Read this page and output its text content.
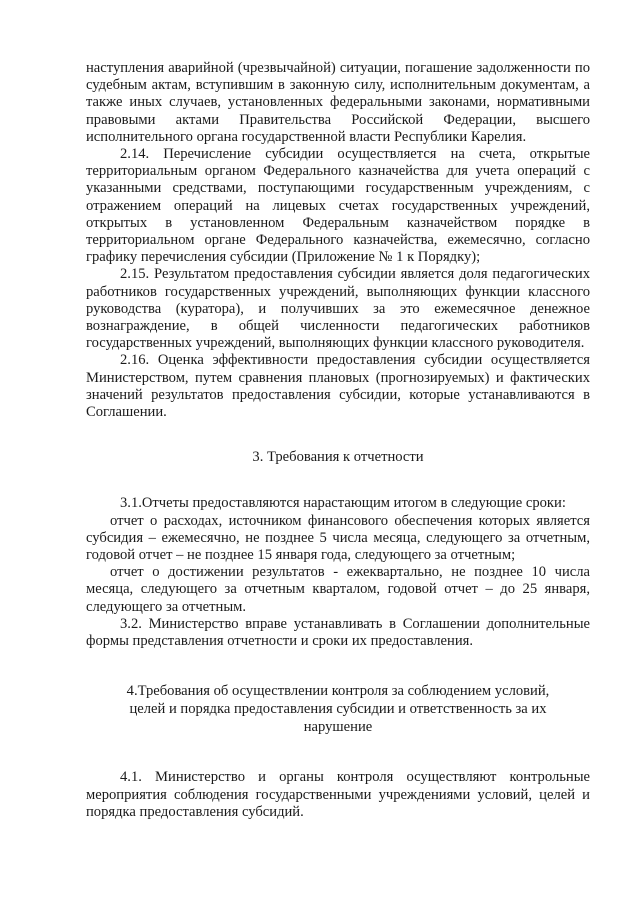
наступления аварийной (чрезвычайной) ситуации, погашение задолженности по судебным актам, вступившим в законную силу, исполнительным документам, а также иных случаев, установленных федеральными законами, нормативными правовыми актами Правительства Российской Федерации, высшего исполнительного органа государственной власти Республики Карелия.

2.14. Перечисление субсидии осуществляется на счета, открытые территориальным органом Федерального казначейства для учета операций с указанными средствами, поступающими государственным учреждениям, с отражением операций на лицевых счетах государственных учреждений, открытых в установленном Федеральным казначейством порядке в территориальном органе Федерального казначейства, ежемесячно, согласно графику перечисления субсидии (Приложение № 1 к Порядку);

2.15. Результатом предоставления субсидии является доля педагогических работников государственных учреждений, выполняющих функции классного руководства (куратора), и получивших за это ежемесячное денежное вознаграждение, в общей численности педагогических работников государственных учреждений, выполняющих функции классного руководителя.

2.16. Оценка эффективности предоставления субсидии осуществляется Министерством, путем сравнения плановых (прогнозируемых) и фактических значений результатов предоставления субсидии, которые устанавливаются в Соглашении.

3. Требования к отчетности

3.1.Отчеты предоставляются нарастающим итогом в следующие сроки:

отчет о расходах, источником финансового обеспечения которых является субсидия – ежемесячно, не позднее 5 числа месяца, следующего за отчетным, годовой отчет – не позднее 15 января года, следующего за отчетным;

отчет о достижении результатов - ежеквартально, не позднее 10 числа месяца, следующего за отчетным кварталом, годовой отчет – до 25 января, следующего за отчетным.

3.2. Министерство вправе устанавливать в Соглашении дополнительные формы представления отчетности и сроки их предоставления.

4.Требования об осуществлении контроля за соблюдением условий,
целей и порядка предоставления субсидии и ответственность за их
нарушение

4.1. Министерство и органы контроля осуществляют контрольные мероприятия соблюдения государственными учреждениями условий, целей и порядка предоставления субсидий.
